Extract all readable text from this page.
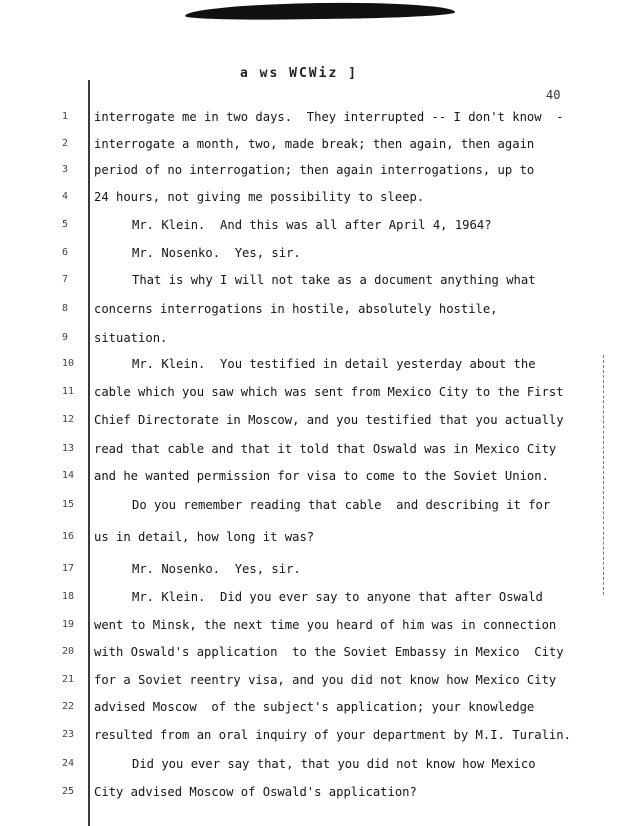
a ws WCWiz ]
40
1	interrogate me in two days.  They interrupted -- I don't know  -
2	interrogate a month, two, made break; then again, then again
3	period of no interrogation; then again interrogations, up to
4	24 hours, not giving me possibility to sleep.
5	Mr. Klein.  And this was all after April 4, 1964?
6	Mr. Nosenko.  Yes, sir.
7	That is why I will not take as a document anything what
8	concerns interrogations in hostile, absolutely hostile,
9	situation.
10	Mr. Klein.  You testified in detail yesterday about the
11	cable which you saw which was sent from Mexico City to the First
12	Chief Directorate in Moscow, and you testified that you actually
13	read that cable and that it told that Oswald was in Mexico City
14	and he wanted permission for visa to come to the Soviet Union.
15	Do you remember reading that cable  and describing it for
16	us in detail, how long it was?
17	Mr. Nosenko.  Yes, sir.
18	Mr. Klein.  Did you ever say to anyone that after Oswald
19	went to Minsk, the next time you heard of him was in connection
20	with Oswald's application  to the Soviet Embassy in Mexico  City
21	for a Soviet reentry visa, and you did not know how Mexico City
22	advised Moscow  of the subject's application; your knowledge
23	resulted from an oral inquiry of your department by M.I. Turalin.
24	Did you ever say that, that you did not know how Mexico
25	City advised Moscow of Oswald's application?
